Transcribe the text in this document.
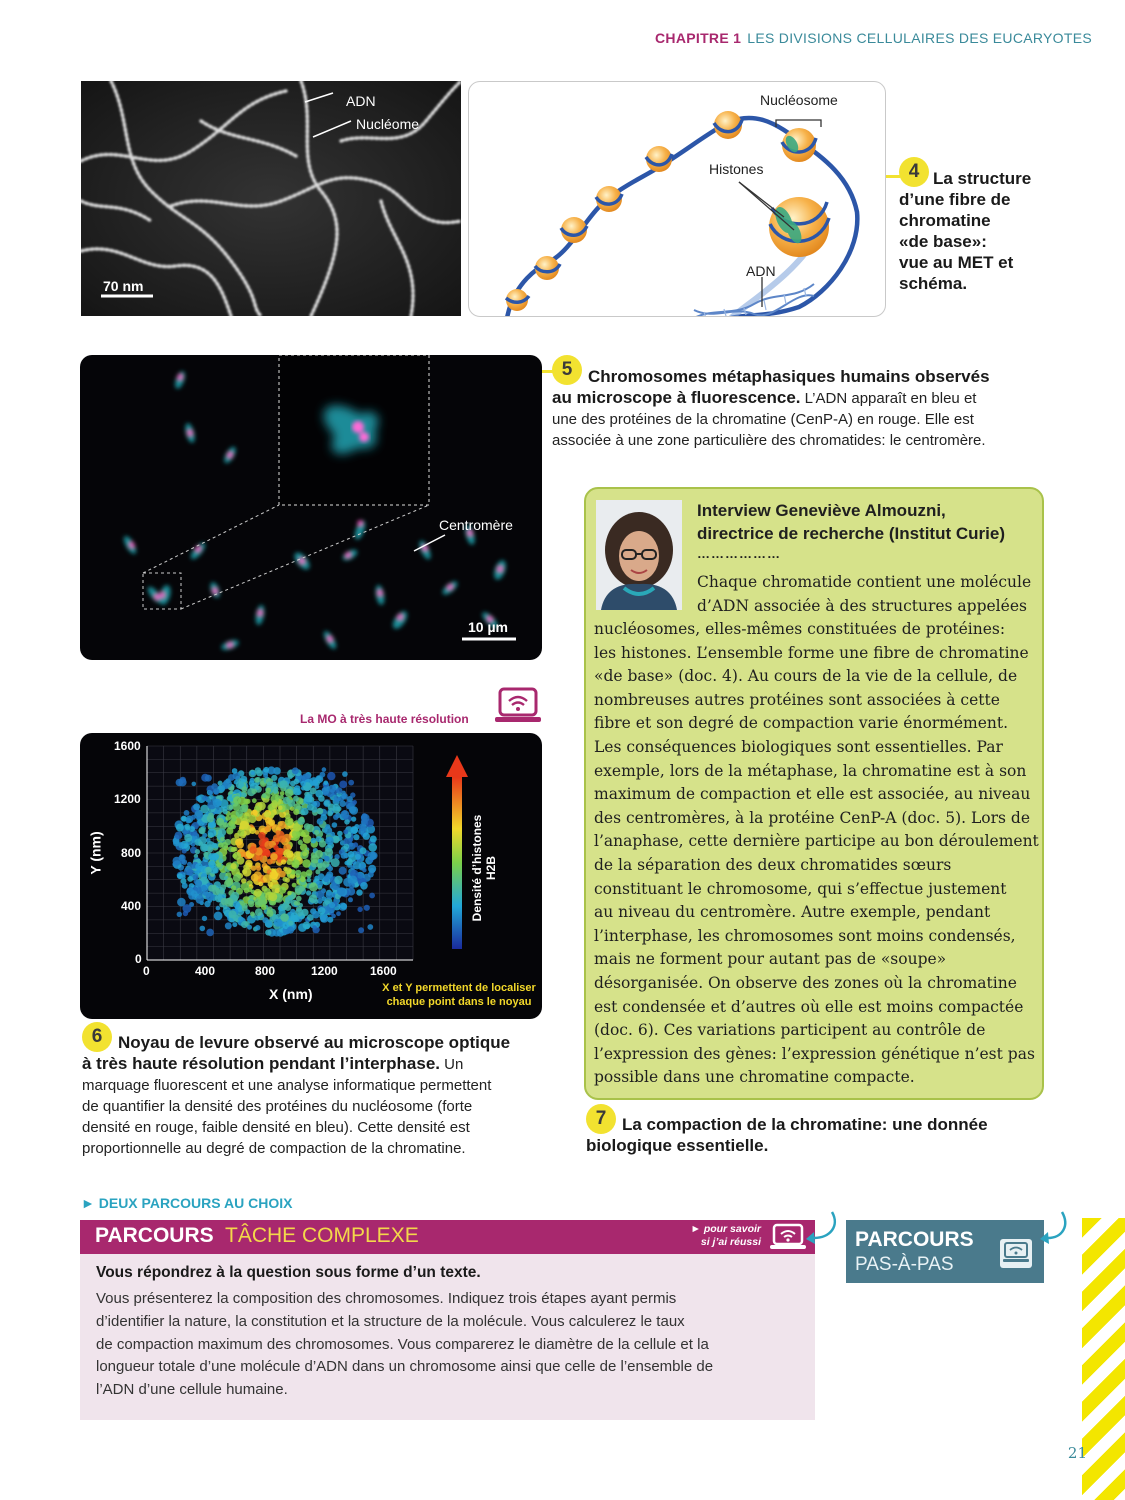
CHAPITRE 1 LES DIVISIONS CELLULAIRES DES EUCARYOTES
ADN
Nucléome
70 nm
Nucléosome
Histones
ADN
4 La structure
d’une fibre de
chromatine
«de base»:
vue au MET et
schéma.
Centromère
10 µm
5 Chromosomes métaphasiques humains observés
au microscope à fluorescence. L’ADN apparaît en bleu et
une des protéines de la chromatine (CenP-A) en rouge. Elle est
associée à une zone particulière des chromatides: le centromère.
La MO à très haute résolution
1600
1200
800
400
0
0	400	800	1200	1600
X (nm)
Y (nm)	Densité d’histones H2B
X et Y permettent de localiser
chaque point dans le noyau
6 Noyau de levure observé au microscope optique
à très haute résolution pendant l’interphase. Un
marquage fluorescent et une analyse informatique permettent
de quantifier la densité des protéines du nucléosome (forte
densité en rouge, faible densité en bleu). Cette densité est
proportionnelle au degré de compaction de la chromatine.
Interview Geneviève Almouzni,
directrice de recherche (Institut Curie)
………………
Chaque chromatide contient une molécule
d’ADN associée à des structures appelées
nucléosomes, elles-mêmes constituées de protéines:
les histones. L’ensemble forme une fibre de chromatine
«de base» (doc. 4). Au cours de la vie de la cellule, de
nombreuses autres protéines sont associées à cette
fibre et son degré de compaction varie énormément.
Les conséquences biologiques sont essentielles. Par
exemple, lors de la métaphase, la chromatine est à son
maximum de compaction et elle est associée, au niveau
des centromères, à la protéine CenP-A (doc. 5). Lors de
l’anaphase, cette dernière participe au bon déroulement
de la séparation des deux chromatides sœurs
constituant le chromosome, qui s’effectue justement
au niveau du centromère. Autre exemple, pendant
l’interphase, les chromosomes sont moins condensés,
mais ne forment pour autant pas de «soupe»
désorganisée. On observe des zones où la chromatine
est condensée et d’autres où elle est moins compactée
(doc. 6). Ces variations participent au contrôle de
l’expression des gènes: l’expression génétique n’est pas
possible dans une chromatine compacte.
7 La compaction de la chromatine: une donnée
biologique essentielle.
► DEUX PARCOURS AU CHOIX
PARCOURS TÂCHE COMPLEXE	► pour savoir
si j’ai réussi
Vous répondrez à la question sous forme d’un texte.
Vous présenterez la composition des chromosomes. Indiquez trois étapes ayant permis
d’identifier la nature, la constitution et la structure de la molécule. Vous calculerez le taux
de compaction maximum des chromosomes. Vous comparerez le diamètre de la cellule et la
longueur totale d’une molécule d’ADN dans un chromosome ainsi que celle de l’ensemble de
l’ADN d’une cellule humaine.
PARCOURS
PAS-À-PAS
21
